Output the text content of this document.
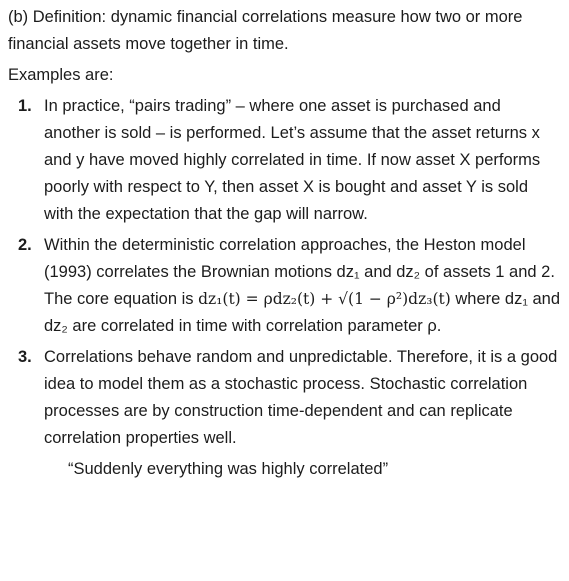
(b) Definition: dynamic financial correlations measure how two or more financial assets move together in time.

Examples are:

1. In practice, “pairs trading” – where one asset is purchased and another is sold – is performed. Let’s assume that the asset returns x and y have moved highly correlated in time. If now asset X performs poorly with respect to Y, then asset X is bought and asset Y is sold with the expectation that the gap will narrow.
2. Within the deterministic correlation approaches, the Heston model (1993) correlates the Brownian motions dz₁ and dz₂ of assets 1 and 2. The core equation is dz₁(t) = ρdz₂(t) + √(1 − ρ²)dz₃(t) where dz₁ and dz₂ are correlated in time with correlation parameter ρ.
3. Correlations behave random and unpredictable. Therefore, it is a good idea to model them as a stochastic process. Stochastic correlation processes are by construction time-dependent and can replicate correlation properties well.

“Suddenly everything was highly correlated”
